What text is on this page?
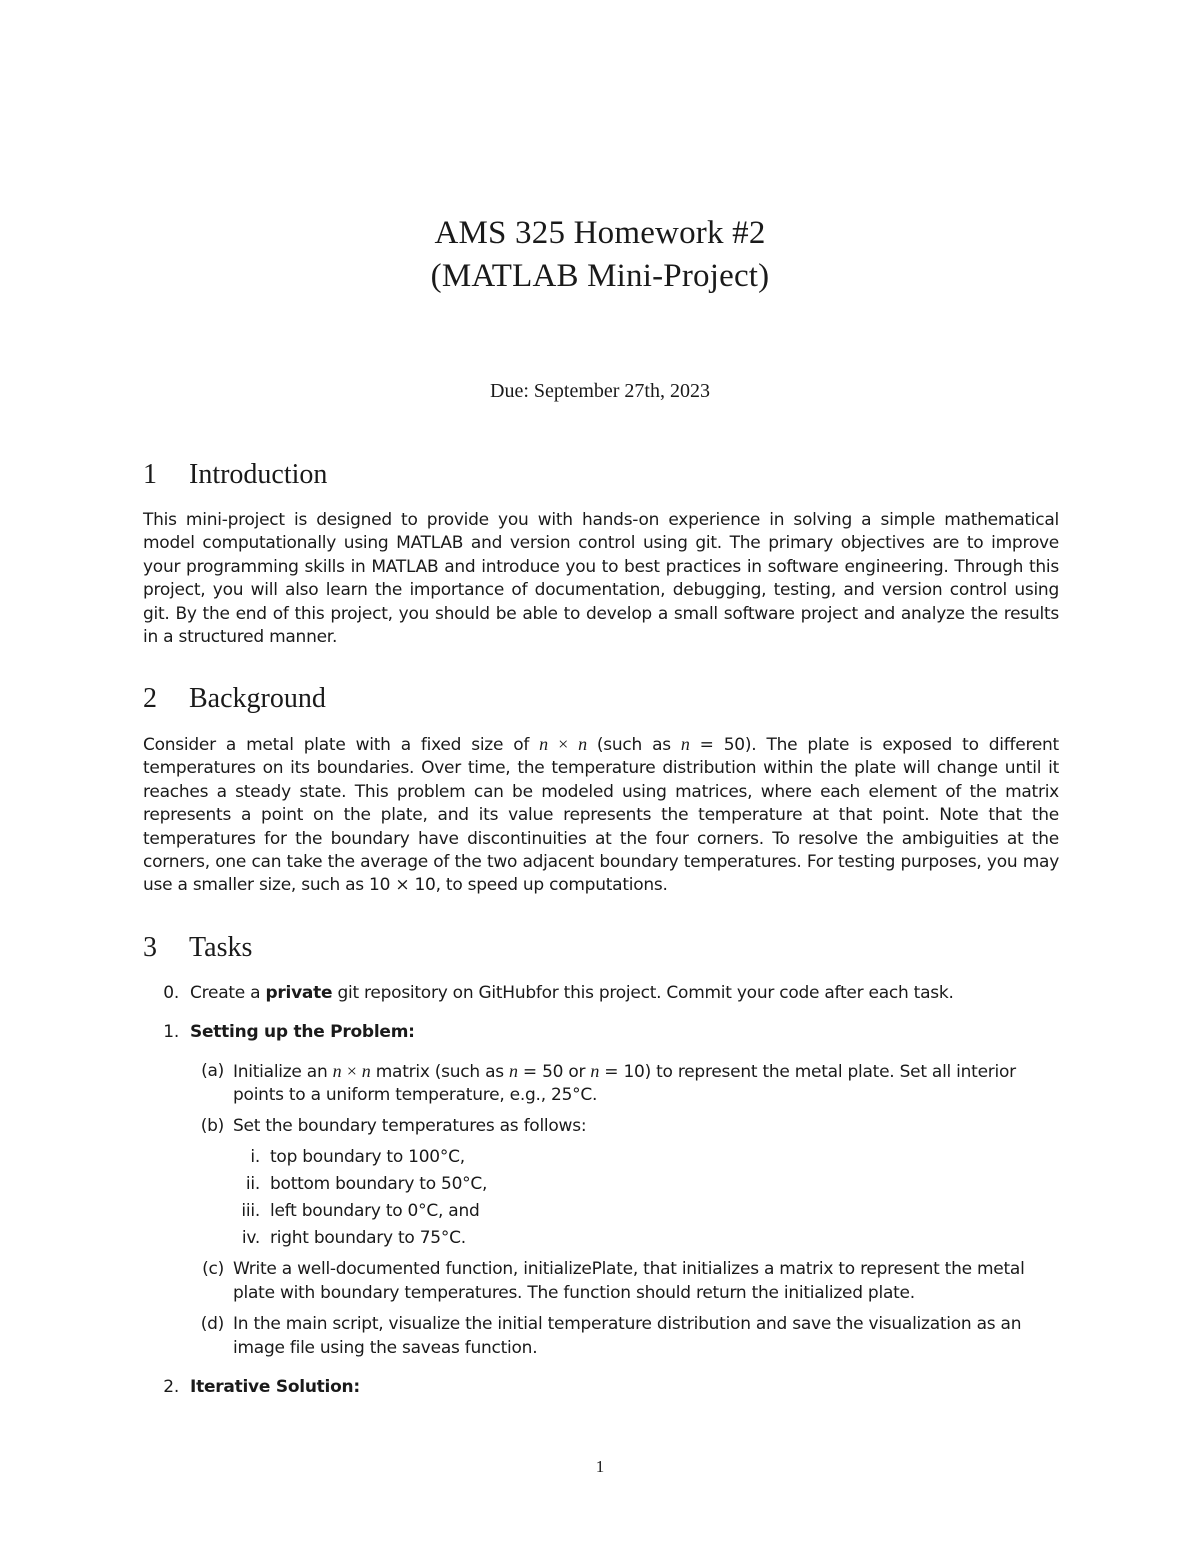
AMS 325 Homework #2
(MATLAB Mini-Project)
Due: September 27th, 2023
1 Introduction

This mini-project is designed to provide you with hands-on experience in solving a simple mathematical model computationally using MATLAB and version control using git. The primary objectives are to improve your programming skills in MATLAB and introduce you to best practices in software engineering. Through this project, you will also learn the importance of documentation, debugging, testing, and version control using git. By the end of this project, you should be able to develop a small software project and analyze the results in a structured manner.

2 Background

Consider a metal plate with a fixed size of n × n (such as n = 50). The plate is exposed to different temperatures on its boundaries. Over time, the temperature distribution within the plate will change until it reaches a steady state. This problem can be modeled using matrices, where each element of the matrix represents a point on the plate, and its value represents the temperature at that point. Note that the temperatures for the boundary have discontinuities at the four corners. To resolve the ambiguities at the corners, one can take the average of the two adjacent boundary temperatures. For testing purposes, you may use a smaller size, such as 10 × 10, to speed up computations.

3 Tasks
0. Create a private git repository on GitHubfor this project. Commit your code after each task.
1. Setting up the Problem:
(a) Initialize an n × n matrix (such as n = 50 or n = 10) to represent the metal plate. Set all interior
points to a uniform temperature, e.g., 25°C.
(b) Set the boundary temperatures as follows:
i. top boundary to 100°C,
ii. bottom boundary to 50°C,
iii. left boundary to 0°C, and
iv. right boundary to 75°C.
(c) Write a well-documented function, initializePlate, that initializes a matrix to represent the metal
plate with boundary temperatures. The function should return the initialized plate.
(d) In the main script, visualize the initial temperature distribution and save the visualization as an
image file using the saveas function.
2. Iterative Solution:
1
